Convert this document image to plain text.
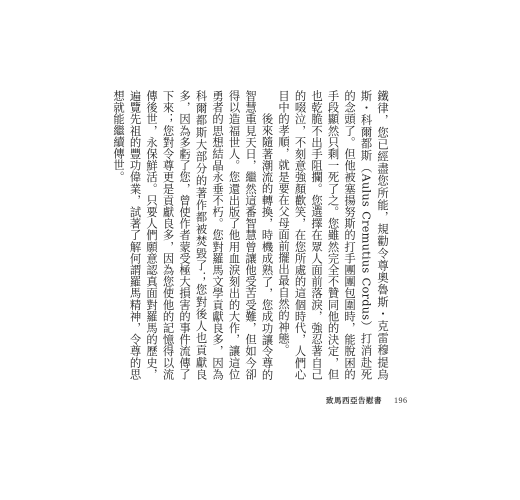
鐵律，您已經盡您所能，規勸令尊奧魯斯・克雷穆提烏斯・科爾都斯（Aulus Cremutius Cordus）打消赴死的念頭了。但他被塞揚努斯的打手團團包圍時，能脫困的手段顯然只剩一死了之。您雖然完全不贊同他的決定，但也乾脆不出手阻攔。您選擇在眾人面前落淚，強忍著自己的啜泣，不刻意強顏歡笑，在您所處的這個時代，人們心目中的孝順，就是要在父母面前擺出最自然的神態。

後來隨著潮流的轉換，時機成熟了，您成功讓令尊的智慧重見天日，繼然這番智慧曾讓他受苦受難，但如今卻得以造福世人。您還出版了他用血淚刻出的大作，讓這位勇者的思想結晶永垂不朽。您對羅馬文學貢獻良多，因為科爾都斯大部分的著作都被焚毀了；您對後人也貢獻良多，因為多虧了您，曾使作者蒙受極大損害的事件流傳了下來；您對令尊更是貢獻良多，因為您使他的記憶得以流傳後世，永保鮮活。只要人們願意認真面對羅馬的歷史，遍覽先祖的豐功偉業，試著了解何謂羅馬精神，令尊的思想就能繼續傳世。

致馬西亞告慰書 196
